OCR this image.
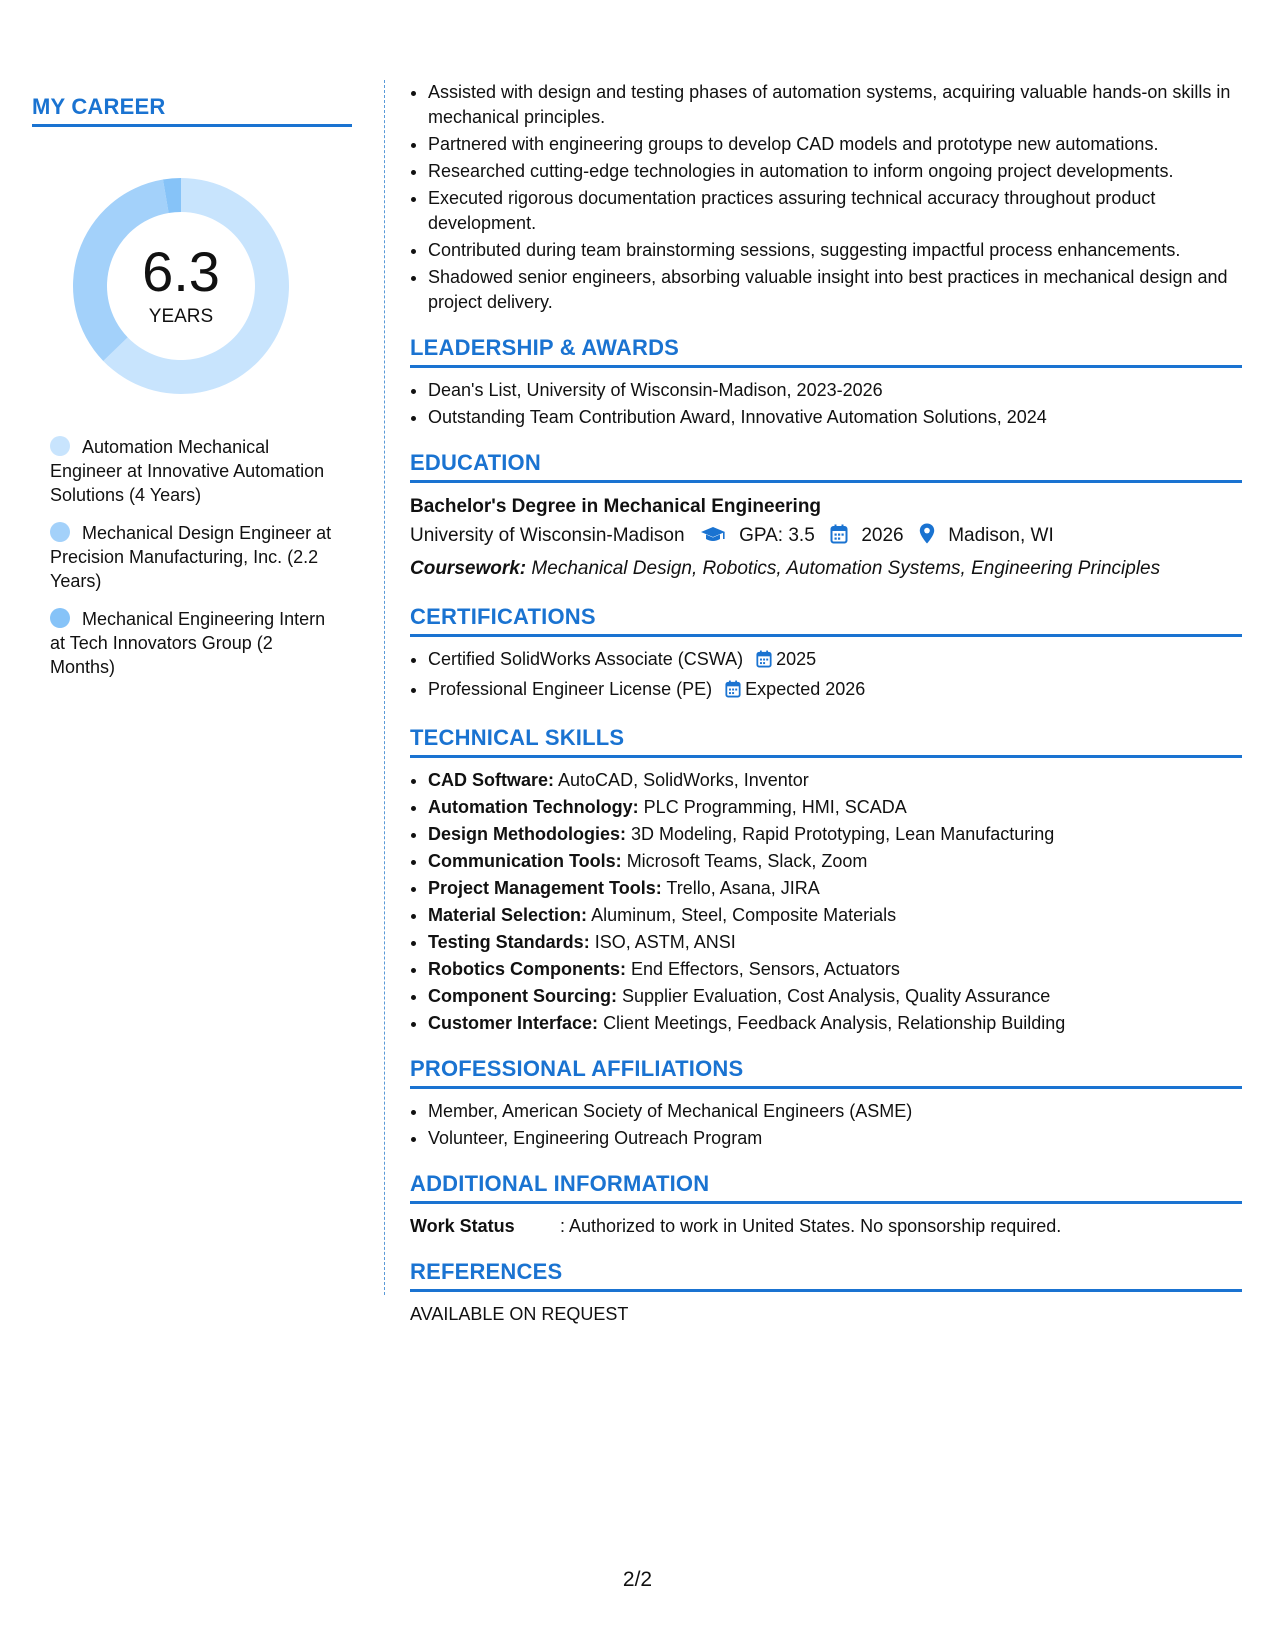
MY CAREER
6.3
YEARS
Automation Mechanical Engineer at Innovative Automation Solutions (4 Years)
Mechanical Design Engineer at Precision Manufacturing, Inc. (2.2 Years)
Mechanical Engineering Intern at Tech Innovators Group (2 Months)
• Assisted with design and testing phases of automation systems, acquiring valuable hands-on skills in mechanical principles.
• Partnered with engineering groups to develop CAD models and prototype new automations.
• Researched cutting-edge technologies in automation to inform ongoing project developments.
• Executed rigorous documentation practices assuring technical accuracy throughout product development.
• Contributed during team brainstorming sessions, suggesting impactful process enhancements.
• Shadowed senior engineers, absorbing valuable insight into best practices in mechanical design and project delivery.
LEADERSHIP & AWARDS
• Dean's List, University of Wisconsin-Madison, 2023-2026
• Outstanding Team Contribution Award, Innovative Automation Solutions, 2024
EDUCATION
Bachelor's Degree in Mechanical Engineering
University of Wisconsin-Madison	GPA: 3.5 2026 Madison, WI
Coursework: Mechanical Design, Robotics, Automation Systems, Engineering Principles
CERTIFICATIONS
• Certified SolidWorks Associate (CSWA) 2025
• Professional Engineer License (PE) Expected 2026
TECHNICAL SKILLS
• CAD Software: AutoCAD, SolidWorks, Inventor
• Automation Technology: PLC Programming, HMI, SCADA
• Design Methodologies: 3D Modeling, Rapid Prototyping, Lean Manufacturing
• Communication Tools: Microsoft Teams, Slack, Zoom
• Project Management Tools: Trello, Asana, JIRA
• Material Selection: Aluminum, Steel, Composite Materials
• Testing Standards: ISO, ASTM, ANSI
• Robotics Components: End Effectors, Sensors, Actuators
• Component Sourcing: Supplier Evaluation, Cost Analysis, Quality Assurance
• Customer Interface: Client Meetings, Feedback Analysis, Relationship Building
PROFESSIONAL AFFILIATIONS
• Member, American Society of Mechanical Engineers (ASME)
• Volunteer, Engineering Outreach Program
ADDITIONAL INFORMATION
Work Status	: Authorized to work in United States. No sponsorship required.
REFERENCES
AVAILABLE ON REQUEST
2/2
